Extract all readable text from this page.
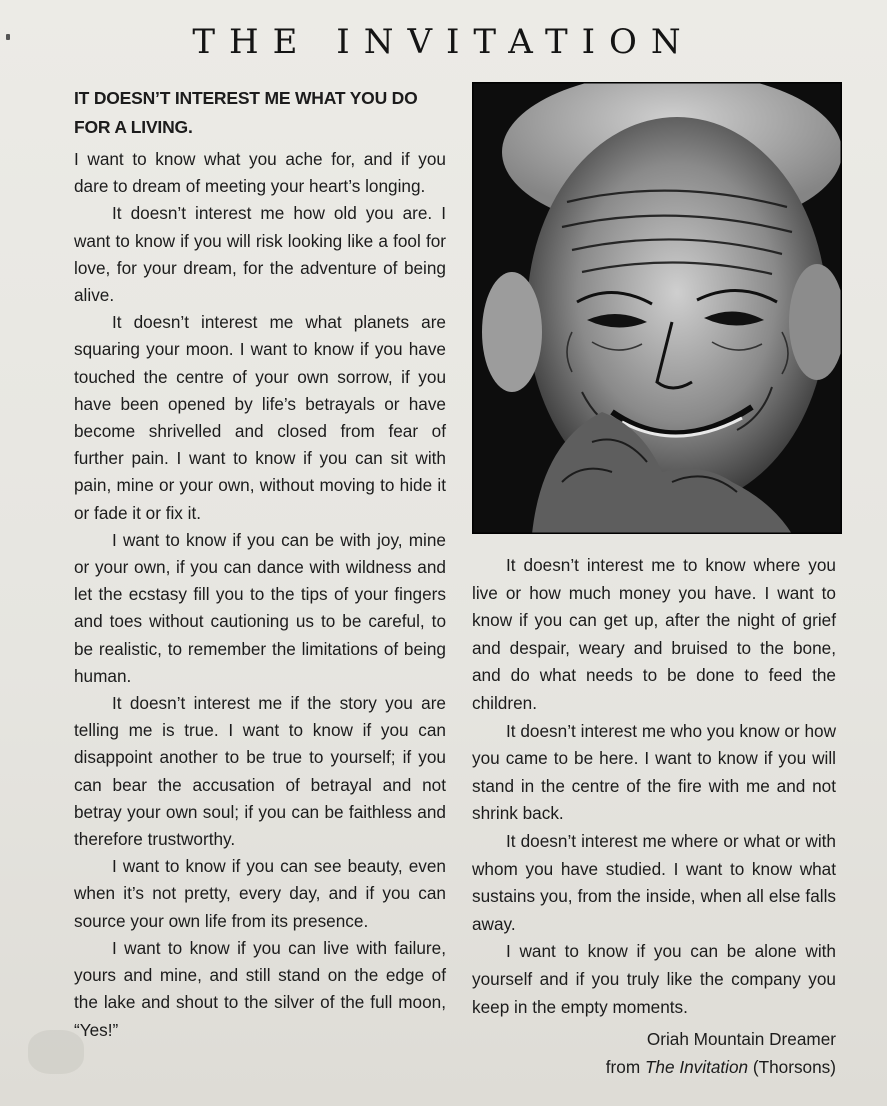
THE INVITATION

IT DOESN’T INTEREST ME WHAT YOU DO FOR A LIVING.

I want to know what you ache for, and if you dare to dream of meeting your heart’s longing.

It doesn’t interest me how old you are. I want to know if you will risk looking like a fool for love, for your dream, for the adventure of being alive.

It doesn’t interest me what planets are squaring your moon. I want to know if you have touched the centre of your own sorrow, if you have been opened by life’s betrayals or have become shrivelled and closed from fear of further pain. I want to know if you can sit with pain, mine or your own, without moving to hide it or fade it or fix it.

I want to know if you can be with joy, mine or your own, if you can dance with wildness and let the ecstasy fill you to the tips of your fingers and toes without cautioning us to be careful, to be realistic, to remember the limitations of being human.

It doesn’t interest me if the story you are telling me is true. I want to know if you can disappoint another to be true to yourself; if you can bear the accusation of betrayal and not betray your own soul; if you can be faithless and therefore trustworthy.

I want to know if you can see beauty, even when it’s not pretty, every day, and if you can source your own life from its presence.

I want to know if you can live with failure, yours and mine, and still stand on the edge of the lake and shout to the silver of the full moon, “Yes!”

It doesn’t interest me to know where you live or how much money you have. I want to know if you can get up, after the night of grief and despair, weary and bruised to the bone, and do what needs to be done to feed the children.

It doesn’t interest me who you know or how you came to be here. I want to know if you will stand in the centre of the fire with me and not shrink back.

It doesn’t interest me where or what or with whom you have studied. I want to know what sustains you, from the inside, when all else falls away.

I want to know if you can be alone with yourself and if you truly like the company you keep in the empty moments.

Oriah Mountain Dreamer
from The Invitation (Thorsons)
